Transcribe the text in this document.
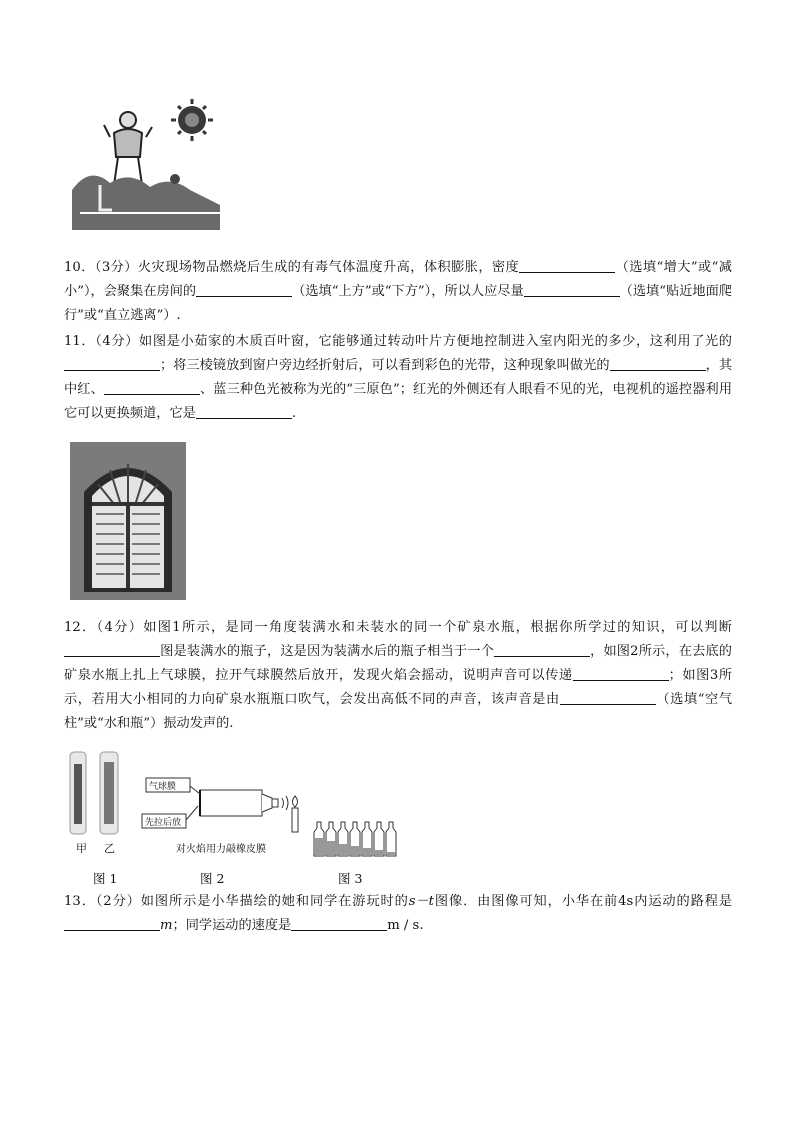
10．（3分）火灾现场物品燃烧后生成的有毒气体温度升高，体积膨胀，密度	（选填“增大”或“减小”），会聚集在房间的	（选填“上方”或“下方”），所以人应尽量	（选填“贴近地面爬行”或“直立逃离”）.
11．（4分）如图是小茹家的木质百叶窗，它能够通过转动叶片方便地控制进入室内阳光的多少，这利用了光的；将三棱镜放到窗户旁边经折射后，可以看到彩色的光带，这种现象叫做光的	，其中红、	、蓝三种色光被称为光的“三原色”；红光的外侧还有人眼看不见的光，电视机的遥控器利用它可以更换频道，它是	.
12．（4分）如图1所示，是同一角度装满水和未装水的同一个矿泉水瓶，根据你所学过的知识，可以判断图是装满水的瓶子，这是因为装满水后的瓶子相当于一个	，如图2所示，在去底的矿泉水瓶上扎上气球膜，拉开气球膜然后放开，发现火焰会摇动，说明声音可以传递	；如图3所示，若用大小相同的力向矿泉水瓶瓶口吹气，会发出高低不同的声音，该声音是由	（选填“空气柱”或“水和瓶”）振动发声的.
甲 乙
气球膜
先拉后放
对火焰用力敲橡皮膜
图 1	图 2	图 3
13．（2分）如图所示是小华描绘的她和同学在游玩时的s－t图像．由图像可知，小华在前4s内运动的路程是m；同学运动的速度是	m / s.
